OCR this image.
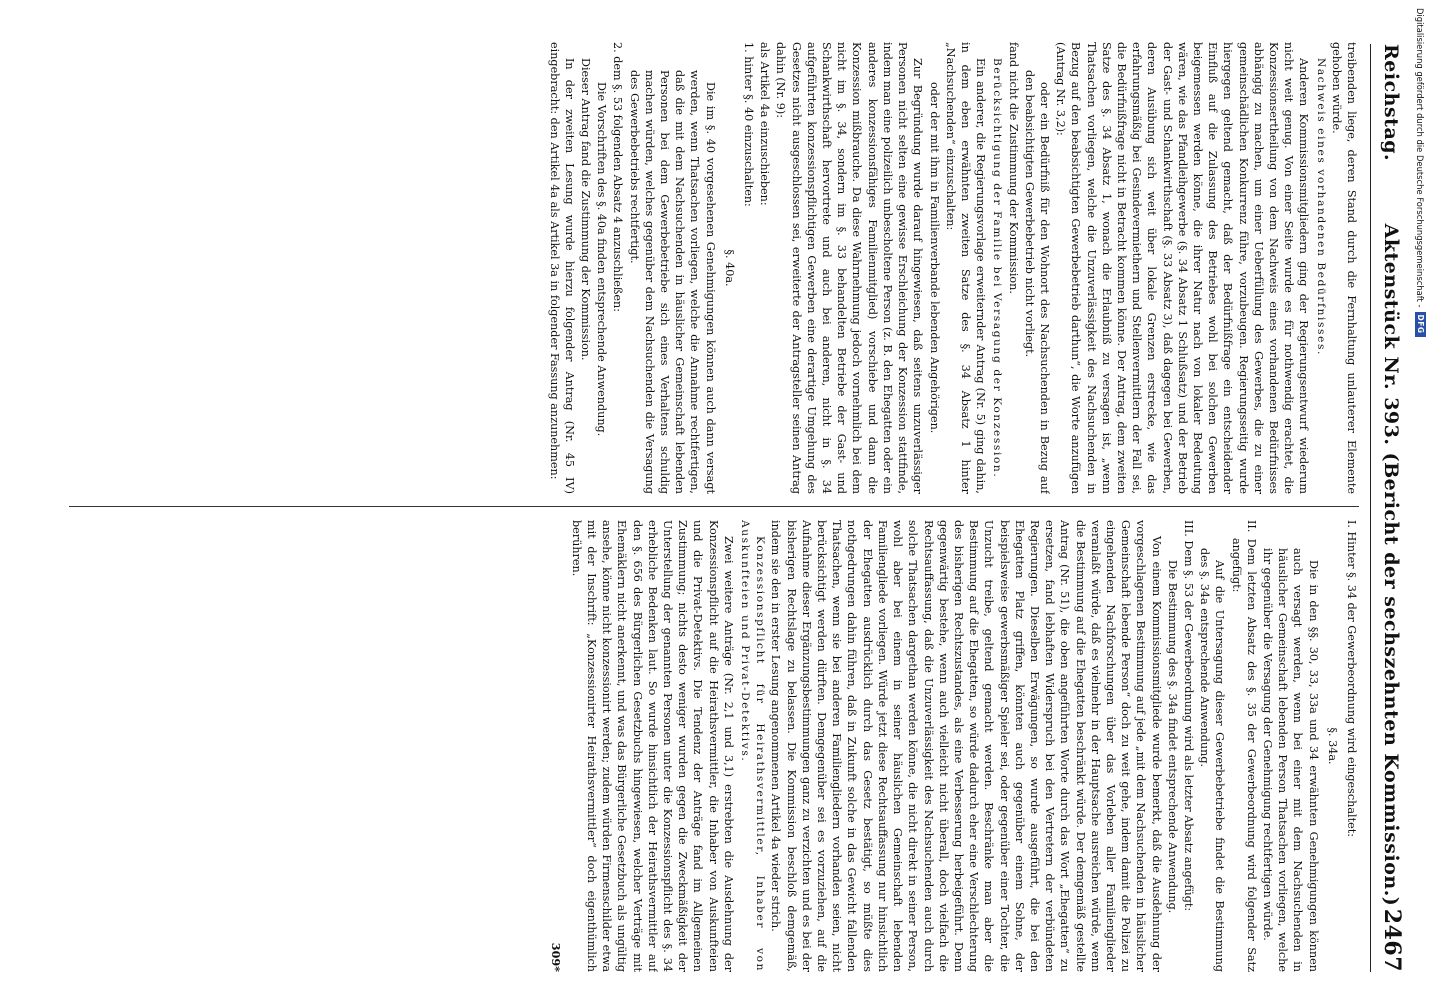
Reichstag.
Aktenstück Nr. 393. (Bericht der sechszehnten Kommission.)
2467

treibenden liege, deren Stand durch die Fernhaltung unlauterer Elemente gehoben würde.

Nachweis eines vorhandenen Bedürfnisses.

Anderen Kommissionsmitgliedern ging der Regierungsentwurf wiederum nicht weit genug. Von einer Seite wurde es für nothwendig erachtet, die Konzessionsertheilung von dem Nachweis eines vorhandenen Bedürfnisses abhängig zu machen, um einer Ueberfüllung des Gewerbes, die zu einer gemeinschädlichen Konkurrenz führe, vorzubeugen. Regierungsseitig wurde hiergegen geltend gemacht, daß der Bedürfnißfrage ein entscheidender Einfluß auf die Zulassung des Betriebes wohl bei solchen Gewerben beigemessen werden könne, die ihrer Natur nach von lokaler Bedeutung wären, wie das Pfandleihgewerbe (§. 34 Absatz 1 Schlußsatz) und der Betrieb der Gast- und Schankwirthschaft (§. 33 Absatz 3), daß dagegen bei Gewerben, deren Ausübung sich weit über lokale Grenzen erstrecke, wie das erfahrungsmäßig bei Gesindevermiethern und Stellenvermittlern der Fall sei, die Bedürfnißfrage nicht in Betracht kommen könne. Der Antrag, dem zweiten Satze des §. 34 Absatz 1, wonach die Erlaubniß zu versagen ist, „wenn Thatsachen vorliegen, welche die Unzuverlässigkeit des Nachsuchenden in Bezug auf den beabsichtigten Gewerbebetrieb darthun“, die Worte anzufügen (Antrag Nr. 3,2):

oder ein Bedürfniß für den Wohnort des Nachsuchenden in Bezug auf den beabsichtigten Gewerbebetrieb nicht vorliegt.

fand nicht die Zustimmung der Kommission.

Berücksichtigung der Familie bei Versagung der Konzession.

Ein anderer, die Regierungsvorlage erweiternder Antrag (Nr. 5) ging dahin, in dem eben erwähnten zweiten Satze des §. 34 Absatz 1 hinter „Nachsuchenden“ einzuschalten:

oder der mit ihm in Familienverbande lebenden Angehörigen.

Zur Begründung wurde darauf hingewiesen, daß seitens unzuverlässiger Personen nicht selten eine gewisse Erschleichung der Konzession stattfinde, indem man eine polizeilich unbescholtene Person (z. B. den Ehegatten oder ein anderes konzessionsfähiges Familienmitglied) vorschiebe und dann die Konzession mißbrauche. Da diese Wahrnehmung jedoch vornehmlich bei dem nicht im §. 34, sondern im §. 33 behandelten Betriebe der Gast- und Schankwirthschaft hervortrete und auch bei anderen, nicht in §. 34 aufgeführten konzessionspflichtigen Gewerben eine derartige Umgehung des Gesetzes nicht ausgeschlossen sei, erweiterte der Antragsteller seinen Antrag dahin (Nr. 9):

als Artikel 4a einzuschieben:

1. hinter §. 40 einzuschalten:

§. 40a.

Die im §. 40 vorgesehenen Genehmigungen können auch dann versagt werden, wenn Thatsachen vorliegen, welche die Annahme rechtfertigen, daß die mit dem Nachsuchenden in häuslicher Gemeinschaft lebenden Personen bei dem Gewerbebetriebe sich eines Verhaltens schuldig machen würden, welches gegenüber dem Nachsuchenden die Versagung des Gewerbebetriebs rechtfertigt.

2. dem §. 53 folgenden Absatz 4 anzuschließen:

Die Vorschriften des §. 40a finden entsprechende Anwendung.

Dieser Antrag fand die Zustimmung der Kommission.

In der zweiten Lesung wurde hierzu folgender Antrag (Nr. 45 IV) eingebracht: den Artikel 4a als Artikel 3a in folgender Fassung anzunehmen:

I. Hinter §. 34 der Gewerbeordnung wird eingeschaltet:

§. 34a.

Die in den §§. 30, 33, 33a und 34 erwähnten Genehmigungen können auch versagt werden, wenn bei einer mit dem Nachsuchenden in häuslicher Gemeinschaft lebenden Person Thatsachen vorliegen, welche ihr gegenüber die Versagung der Genehmigung rechtfertigen würde.

II. Dem letzten Absatz des §. 35 der Gewerbeordnung wird folgender Satz angefügt:

Auf die Untersagung dieser Gewerbebetriebe findet die Bestimmung des §. 34a entsprechende Anwendung.

III. Dem §. 53 der Gewerbeordnung wird als letzter Absatz angefügt:

Die Bestimmung des §. 34a findet entsprechende Anwendung.

Von einem Kommissionsmitgliede wurde bemerkt, daß die Ausdehnung der vorgeschlagenen Bestimmung auf jede „mit dem Nachsuchenden in häuslicher Gemeinschaft lebende Person“ doch zu weit gehe, indem damit die Polizei zu eingehenden Nachforschungen über das Vorleben aller Familienglieder veranlaßt würde, daß es vielmehr in der Hauptsache ausreichen würde, wenn die Bestimmung auf die Ehegatten beschränkt würde. Der demgemäß gestellte Antrag (Nr. 51), die oben angeführten Worte durch das Wort „Ehegatten“ zu ersetzen, fand lebhaften Widerspruch bei den Vertretern der verbündeten Regierungen. Dieselben Erwägungen, so wurde ausgeführt, die bei den Ehegatten Platz griffen, könnten auch gegenüber einem Sohne, der beispielsweise gewerbsmäßiger Spieler sei, oder gegenüber einer Tochter, die Unzucht treibe, geltend gemacht werden. Beschränke man aber die Bestimmung auf die Ehegatten, so würde dadurch eher eine Verschlechterung des bisherigen Rechtszustandes, als eine Verbesserung herbeigeführt. Denn gegenwärtig bestehe, wenn auch vielleicht nicht überall, doch vielfach die Rechtsauffassung, daß die Unzuverlässigkeit des Nachsuchenden auch durch solche Thatsachen dargethan werden könne, die nicht direkt in seiner Person, wohl aber bei einem in seiner häuslichen Gemeinschaft lebenden Familiengliede vorliegen. Würde jetzt diese Rechtsauffassung nur hinsichtlich der Ehegatten ausdrücklich durch das Gesetz bestätigt, so müßte dies nothgedrungen dahin führen, daß in Zukunft solche in das Gewicht fallenden Thatsachen, wenn sie bei anderen Familiengliedern vorhanden seien, nicht berücksichtigt werden dürften. Demgegenüber sei es vorzuziehen, auf die Aufnahme dieser Ergänzungsbestimmungen ganz zu verzichten und es bei der bisherigen Rechtslage zu belassen. Die Kommission beschloß demgemäß, indem sie den in erster Lesung angenommenen Artikel 4a wieder strich.

Konzessionspflicht für Heirathsvermittler, Inhaber von Auskunfteien und Privat-Detektivs.

Zwei weitere Anträge (Nr. 2,1 und 3,1) erstrebten die Ausdehnung der Konzessionspflicht auf die Heirathsvermittler, die Inhaber von Auskunfteien und die Privat-Detektivs. Die Tendenz der Anträge fand im Allgemeinen Zustimmung; nichts desto weniger wurden gegen die Zweckmäßigkeit der Unterstellung der genannten Personen unter die Konzessionspflicht des §. 34 erhebliche Bedenken laut. So wurde hinsichtlich der Heirathsvermittler auf den §. 656 des Bürgerlichen Gesetzbuchs hingewiesen, welcher Verträge mit Ehemäklern nicht anerkennt, und was das Bürgerliche Gesetzbuch als ungültig ansehe, könne nicht konzessionirt werden; zudem würden Firmenschilder etwa mit der Inschrift: „Konzessionirter Heirathsvermittler“ doch eigenthümlich berühren.

309*

Digitalisierung gefördert durch die Deutsche Forschungsgemeinschaft -
DFG
